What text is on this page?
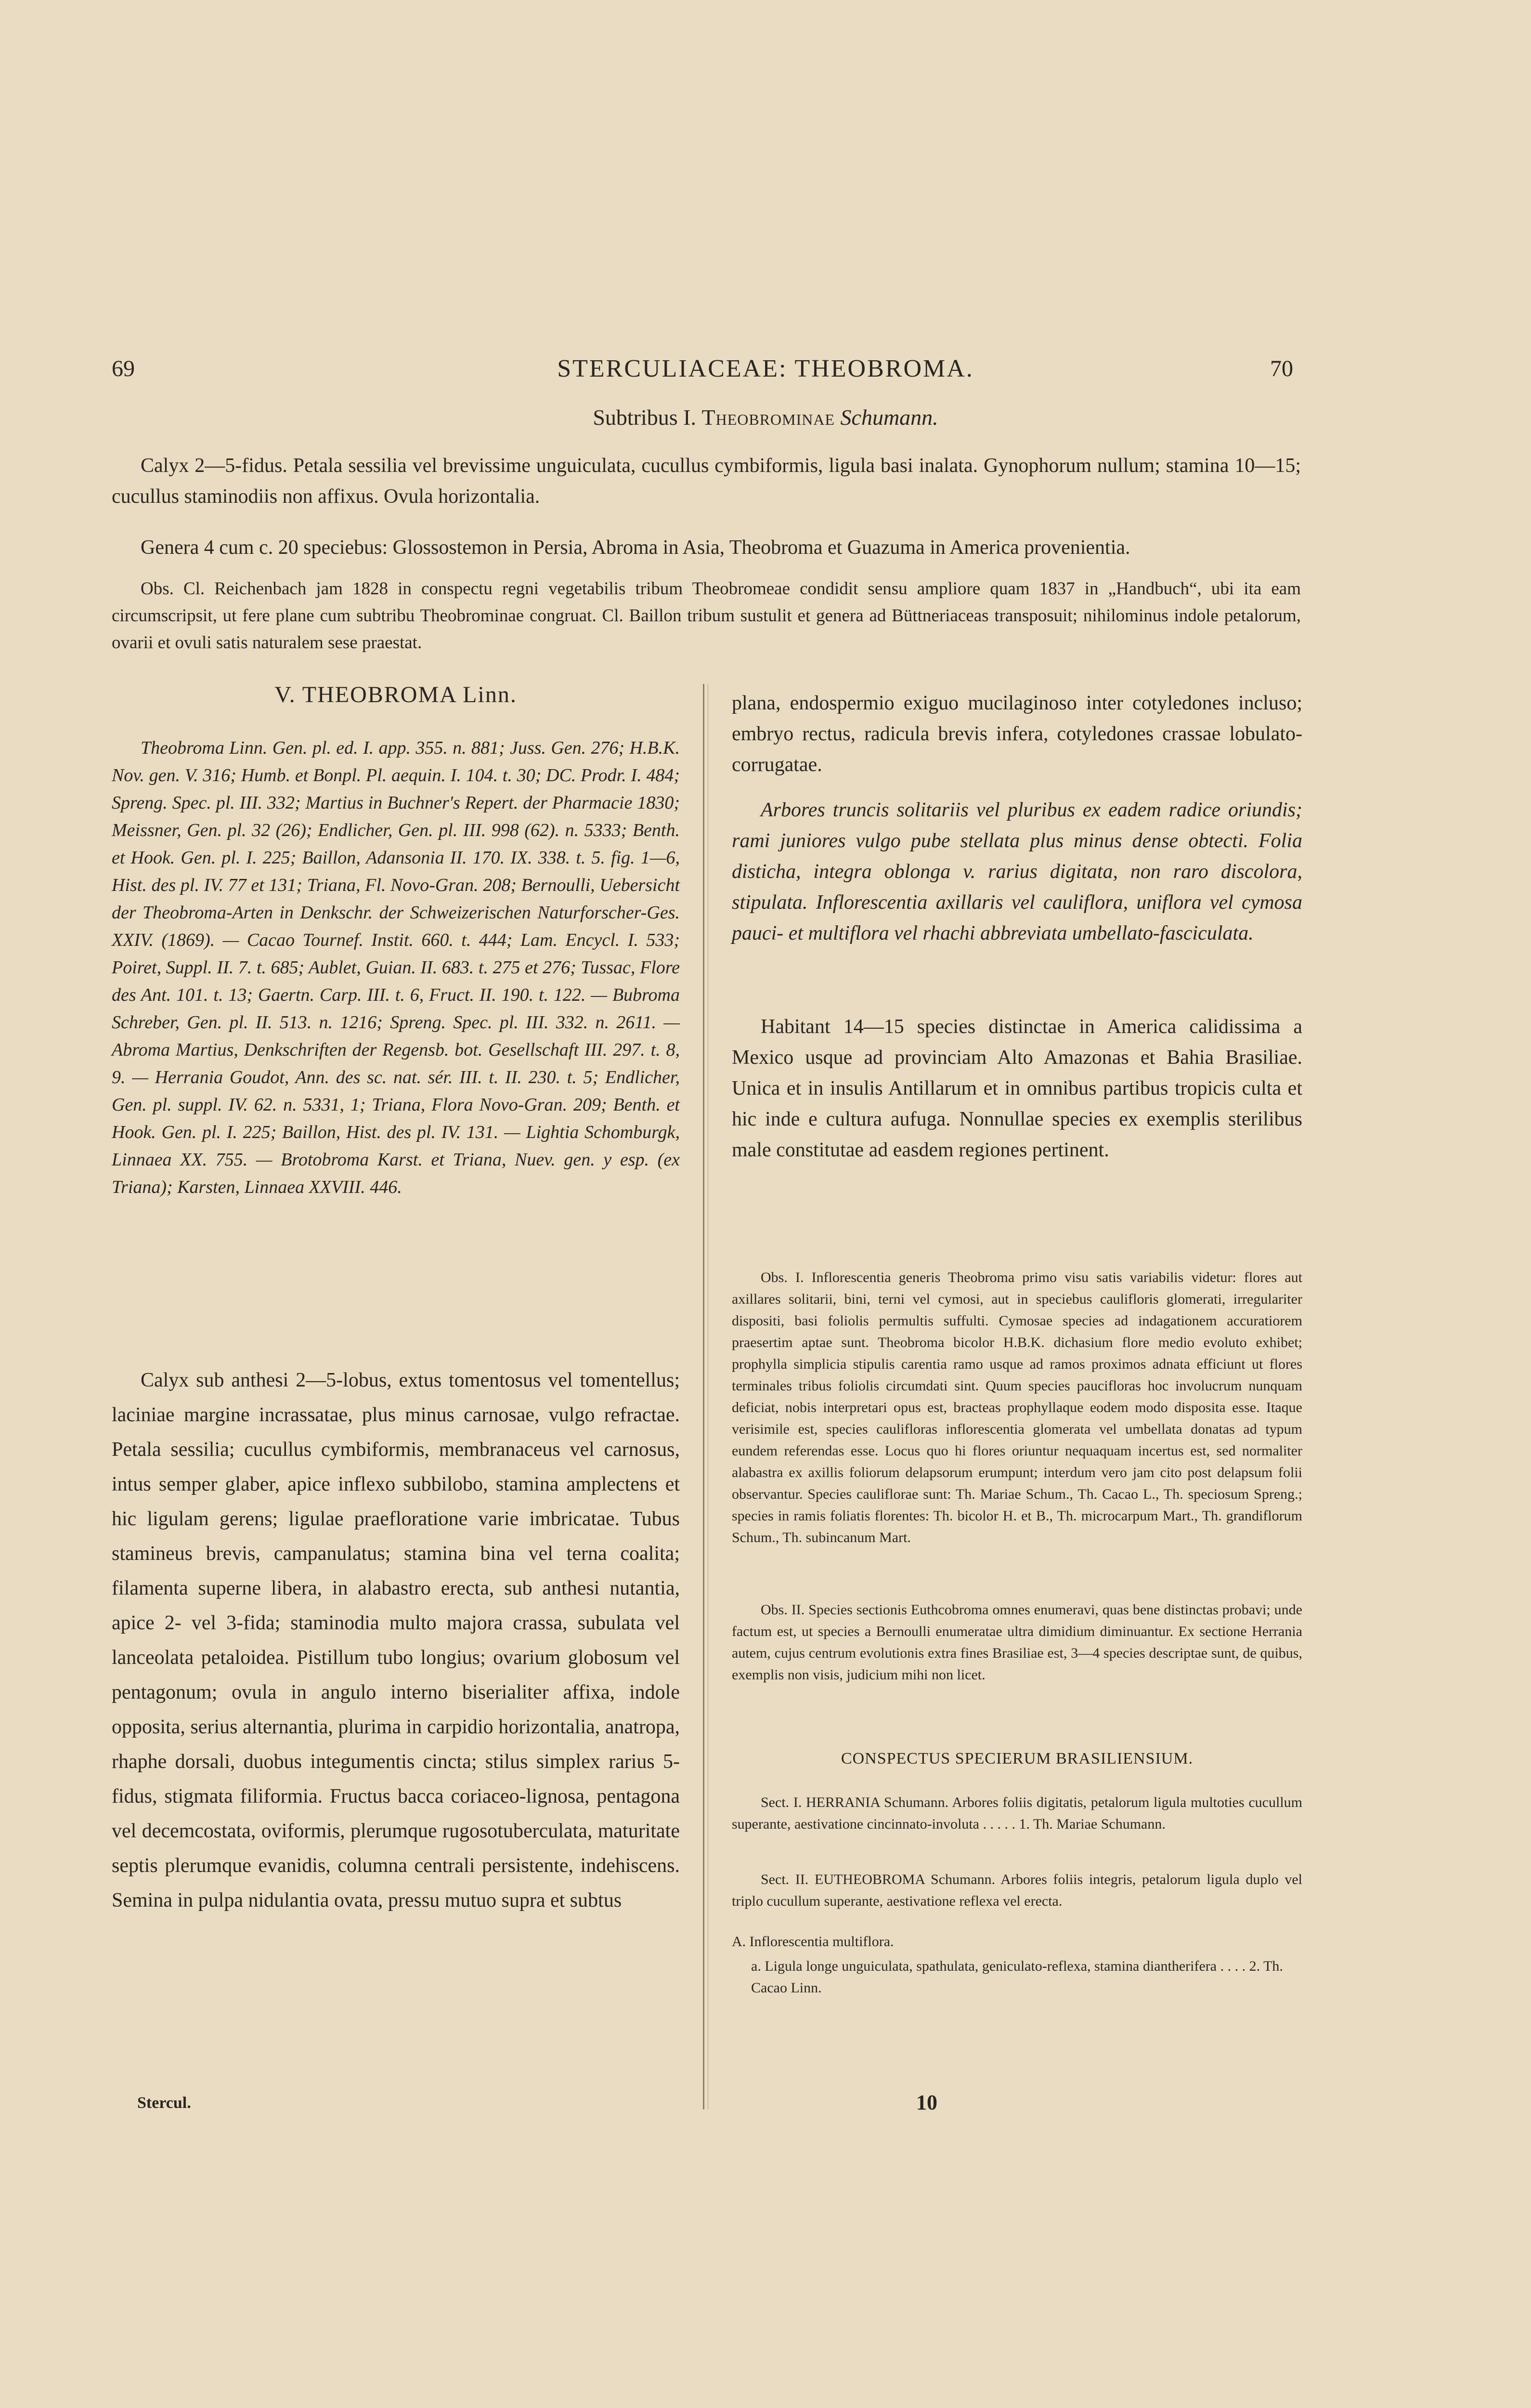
69	STERCULIACEAE: THEOBROMA.	70
Subtribus I. Theobrominae Schumann.
Calyx 2—5-fidus. Petala sessilia vel brevissime unguiculata, cucullus cymbiformis, ligula basi inalata. Gynophorum nullum; stamina 10—15; cucullus staminodiis non affixus. Ovula horizontalia.
Genera 4 cum c. 20 speciebus: Glossostemon in Persia, Abroma in Asia, Theobroma et Guazuma in America provenientia.
Obs. Cl. Reichenbach jam 1828 in conspectu regni vegetabilis tribum Theobromeae condidit sensu ampliore quam 1837 in „Handbuch“, ubi ita eam circumscripsit, ut fere plane cum subtribu Theobrominae congruat. Cl. Baillon tribum sustulit et genera ad Büttneriaceas transposuit; nihilominus indole petalorum, ovarii et ovuli satis naturalem sese praestat.
V. THEOBROMA Linn.
Theobroma Linn. Gen. pl. ed. I. app. 355. n. 881; Juss. Gen. 276; H.B.K. Nov. gen. V. 316; Humb. et Bonpl. Pl. aequin. I. 104. t. 30; DC. Prodr. I. 484; Spreng. Spec. pl. III. 332; Martius in Buchner's Repert. der Pharmacie 1830; Meissner, Gen. pl. 32 (26); Endlicher, Gen. pl. III. 998 (62). n. 5333; Benth. et Hook. Gen. pl. I. 225; Baillon, Adansonia II. 170. IX. 338. t. 5. fig. 1—6, Hist. des pl. IV. 77 et 131; Triana, Fl. Novo-Gran. 208; Bernoulli, Uebersicht der Theobroma-Arten in Denkschr. der Schweizerischen Naturforscher-Ges. XXIV. (1869). — Cacao Tournef. Instit. 660. t. 444; Lam. Encycl. I. 533; Poiret, Suppl. II. 7. t. 685; Aublet, Guian. II. 683. t. 275 et 276; Tussac, Flore des Ant. 101. t. 13; Gaertn. Carp. III. t. 6, Fruct. II. 190. t. 122. — Bubroma Schreber, Gen. pl. II. 513. n. 1216; Spreng. Spec. pl. III. 332. n. 2611. — Abroma Martius, Denkschriften der Regensb. bot. Gesellschaft III. 297. t. 8, 9. — Herrania Goudot, Ann. des sc. nat. sér. III. t. II. 230. t. 5; Endlicher, Gen. pl. suppl. IV. 62. n. 5331, 1; Triana, Flora Novo-Gran. 209; Benth. et Hook. Gen. pl. I. 225; Baillon, Hist. des pl. IV. 131. — Lightia Schomburgk, Linnaea XX. 755. — Brotobroma Karst. et Triana, Nuev. gen. y esp. (ex Triana); Karsten, Linnaea XXVIII. 446.
Calyx sub anthesi 2—5-lobus, extus tomentosus vel tomentellus; laciniae margine incrassatae, plus minus carnosae, vulgo refractae. Petala sessilia; cucullus cymbiformis, membranaceus vel carnosus, intus semper glaber, apice inflexo subbilobo, stamina amplectens et hic ligulam gerens; ligulae praefloratione varie imbricatae. Tubus stamineus brevis, campanulatus; stamina bina vel terna coalita; filamenta superne libera, in alabastro erecta, sub anthesi nutantia, apice 2- vel 3-fida; staminodia multo majora crassa, subulata vel lanceolata petaloidea. Pistillum tubo longius; ovarium globosum vel pentagonum; ovula in angulo interno biserialiter affixa, indole opposita, serius alternantia, plurima in carpidio horizontalia, anatropa, rhaphe dorsali, duobus integumentis cincta; stilus simplex rarius 5-fidus, stigmata filiformia. Fructus bacca coriaceo-lignosa, pentagona vel decemcostata, oviformis, plerumque rugosotuberculata, maturitate septis plerumque evanidis, columna centrali persistente, indehiscens. Semina in pulpa nidulantia ovata, pressu mutuo supra et subtus
Stercul.
plana, endospermio exiguo mucilaginoso inter cotyledones incluso; embryo rectus, radicula brevis infera, cotyledones crassae lobulato-corrugatae.
Arbores truncis solitariis vel pluribus ex eadem radice oriundis; rami juniores vulgo pube stellata plus minus dense obtecti. Folia disticha, integra oblonga v. rarius digitata, non raro discolora, stipulata. Inflorescentia axillaris vel cauliflora, uniflora vel cymosa pauci- et multiflora vel rhachi abbreviata umbellato-fasciculata.
Habitant 14—15 species distinctae in America calidissima a Mexico usque ad provinciam Alto Amazonas et Bahia Brasiliae. Unica et in insulis Antillarum et in omnibus partibus tropicis culta et hic inde e cultura aufuga. Nonnullae species ex exemplis sterilibus male constitutae ad easdem regiones pertinent.
Obs. I. Inflorescentia generis Theobroma primo visu satis variabilis videtur: flores aut axillares solitarii, bini, terni vel cymosi, aut in speciebus caulifloris glomerati, irregulariter dispositi, basi foliolis permultis suffulti. Cymosae species ad indagationem accuratiorem praesertim aptae sunt. Theobroma bicolor H.B.K. dichasium flore medio evoluto exhibet; prophylla simplicia stipulis carentia ramo usque ad ramos proximos adnata efficiunt ut flores terminales tribus foliolis circumdati sint. Quum species paucifloras hoc involucrum nunquam deficiat, nobis interpretari opus est, bracteas prophyllaque eodem modo disposita esse. Itaque verisimile est, species caulifloras inflorescentia glomerata vel umbellata donatas ad typum eundem referendas esse. Locus quo hi flores oriuntur nequaquam incertus est, sed normaliter alabastra ex axillis foliorum delapsorum erumpunt; interdum vero jam cito post delapsum folii observantur. Species cauliflorae sunt: Th. Mariae Schum., Th. Cacao L., Th. speciosum Spreng.; species in ramis foliatis florentes: Th. bicolor H. et B., Th. microcarpum Mart., Th. grandiflorum Schum., Th. subincanum Mart.
Obs. II. Species sectionis Euthcobroma omnes enumeravi, quas bene distinctas probavi; unde factum est, ut species a Bernoulli enumeratae ultra dimidium diminuantur. Ex sectione Herrania autem, cujus centrum evolutionis extra fines Brasiliae est, 3—4 species descriptae sunt, de quibus, exemplis non visis, judicium mihi non licet.
CONSPECTUS SPECIERUM BRASILIENSIUM.
Sect. I. HERRANIA Schumann. Arbores foliis digitatis, petalorum ligula multoties cucullum superante, aestivatione cincinnato-involuta . . . . . 1. Th. Mariae Schumann.
Sect. II. EUTHEOBROMA Schumann. Arbores foliis integris, petalorum ligula duplo vel triplo cucullum superante, aestivatione reflexa vel erecta.
A. Inflorescentia multiflora.
a. Ligula longe unguiculata, spathulata, geniculato-reflexa, stamina diantherifera . . . . 2. Th. Cacao Linn.
10
